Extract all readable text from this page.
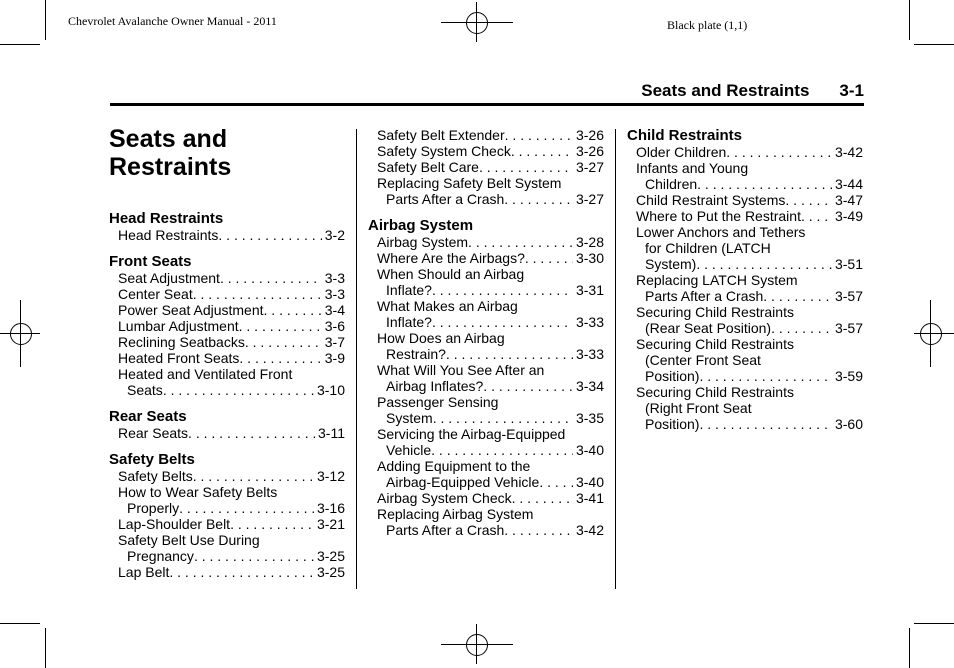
Chevrolet Avalanche Owner Manual - 2011	Black plate (1,1)
Seats and Restraints 3-1
Seats and
Restraints
Head Restraints
Head Restraints . . .	3-2
Front Seats
Seat Adjustment . . .	3-3
Center Seat . . .	3-3
Power Seat Adjustment . . .	3-4
Lumbar Adjustment . . .	3-6
Reclining Seatbacks . . .	3-7
Heated Front Seats . . .	3-9
Heated and Ventilated Front
Seats . . .	3-10
Rear Seats
Rear Seats . . .	3-11
Safety Belts
Safety Belts . . .	3-12
How to Wear Safety Belts
Properly . . .	3-16
Lap-Shoulder Belt . . .	3-21
Safety Belt Use During
Pregnancy . . .	3-25
Lap Belt . . .	3-25
Safety Belt Extender . . .	3-26
Safety System Check . . .	3-26
Safety Belt Care . . .	3-27
Replacing Safety Belt System
Parts After a Crash . . .	3-27
Airbag System
Airbag System . . .	3-28
Where Are the Airbags? . . .	3-30
When Should an Airbag
Inflate? . . .	3-31
What Makes an Airbag
Inflate? . . .	3-33
How Does an Airbag
Restrain? . . .	3-33
What Will You See After an
Airbag Inflates? . . .	3-34
Passenger Sensing
System . . .	3-35
Servicing the Airbag-Equipped
Vehicle . . .	3-40
Adding Equipment to the
Airbag-Equipped Vehicle . . .	3-40
Airbag System Check . . .	3-41
Replacing Airbag System
Parts After a Crash . . .	3-42
Child Restraints
Older Children . . .	3-42
Infants and Young
Children . . .	3-44
Child Restraint Systems . . .	3-47
Where to Put the Restraint . . . 3-49
Lower Anchors and Tethers
for Children (LATCH
System) . . .	3-51
Replacing LATCH System
Parts After a Crash . . .	3-57
Securing Child Restraints
(Rear Seat Position) . . .	3-57
Securing Child Restraints
(Center Front Seat
Position) . . .	3-59
Securing Child Restraints
(Right Front Seat
Position) . . .	3-60
